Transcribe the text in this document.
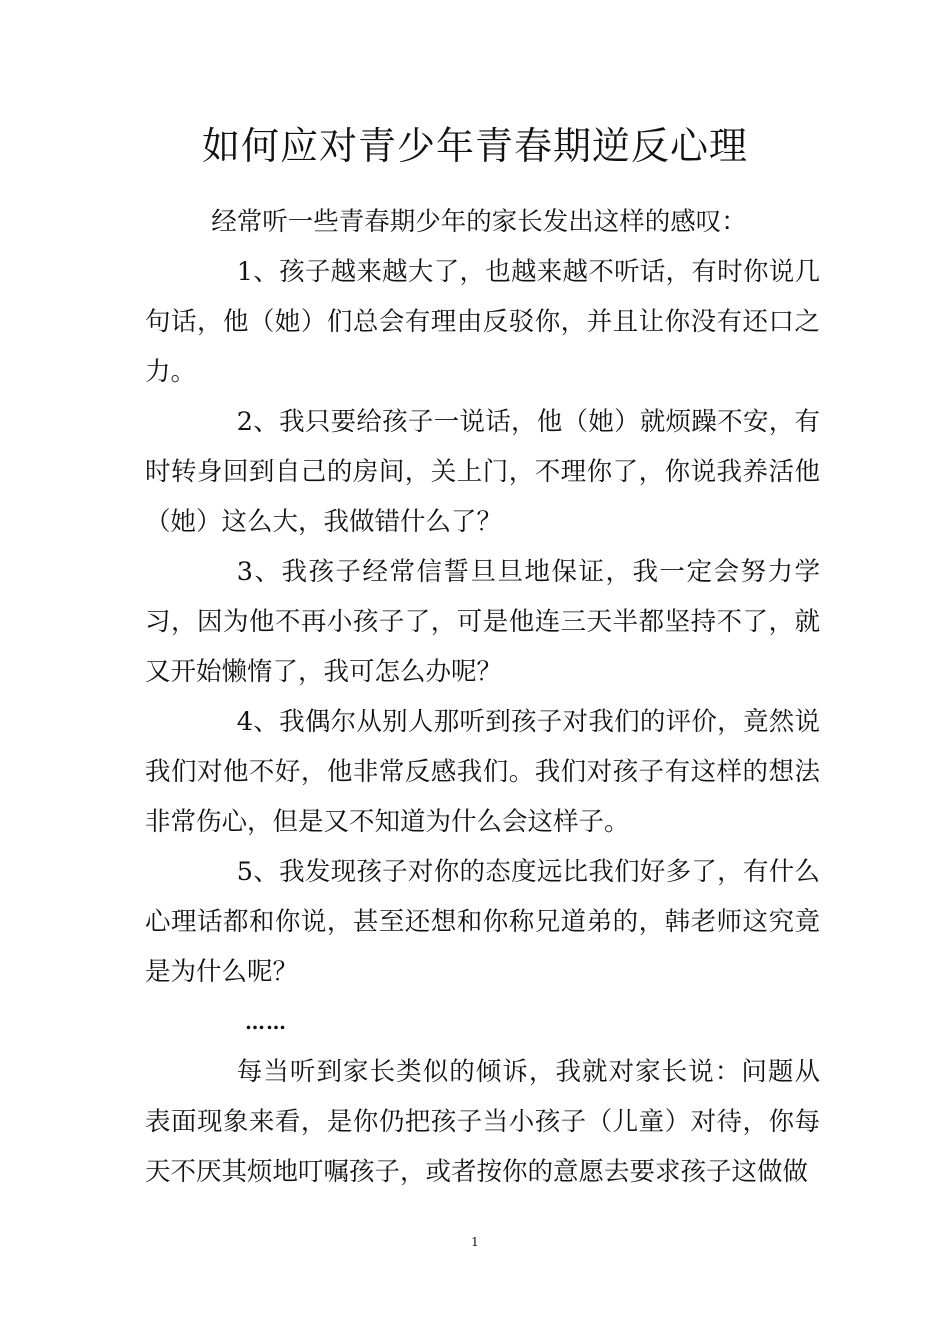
如何应对青少年青春期逆反心理

经常听一些青春期少年的家长发出这样的感叹：

1、孩子越来越大了，也越来越不听话，有时你说几句话，他（她）们总会有理由反驳你，并且让你没有还口之力。

2、我只要给孩子一说话，他（她）就烦躁不安，有时转身回到自己的房间，关上门，不理你了，你说我养活他（她）这么大，我做错什么了？

3、我孩子经常信誓旦旦地保证，我一定会努力学习，因为他不再小孩子了，可是他连三天半都坚持不了，就又开始懒惰了，我可怎么办呢？

4、我偶尔从别人那听到孩子对我们的评价，竟然说我们对他不好，他非常反感我们。我们对孩子有这样的想法非常伤心，但是又不知道为什么会这样子。

5、我发现孩子对你的态度远比我们好多了，有什么心理话都和你说，甚至还想和你称兄道弟的，韩老师这究竟是为什么呢？

……

每当听到家长类似的倾诉，我就对家长说：问题从表面现象来看，是你仍把孩子当小孩子（儿童）对待，你每天不厌其烦地叮嘱孩子，或者按你的意愿去要求孩子这做做

1
